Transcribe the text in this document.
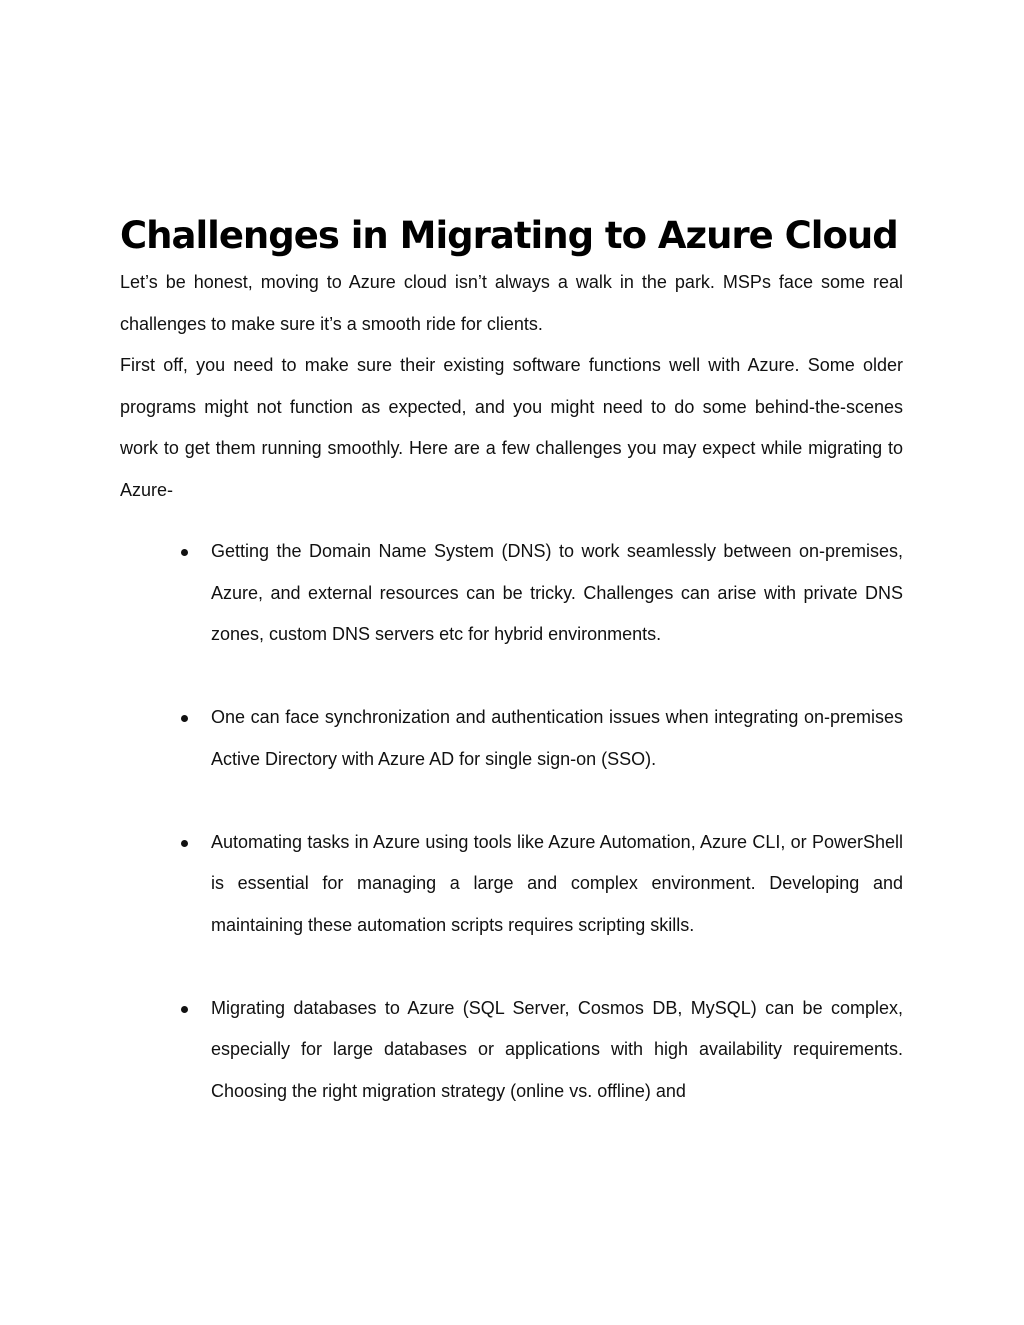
Challenges in Migrating to Azure Cloud

Let’s be honest, moving to Azure cloud isn’t always a walk in the park. MSPs face some real challenges to make sure it’s a smooth ride for clients.

First off, you need to make sure their existing software functions well with Azure. Some older programs might not function as expected, and you might need to do some behind-the-scenes work to get them running smoothly. Here are a few challenges you may expect while migrating to Azure-

Getting the Domain Name System (DNS) to work seamlessly between on-premises, Azure, and external resources can be tricky. Challenges can arise with private DNS zones, custom DNS servers etc for hybrid environments.
One can face synchronization and authentication issues when integrating on-premises Active Directory with Azure AD for single sign-on (SSO).
Automating tasks in Azure using tools like Azure Automation, Azure CLI, or PowerShell is essential for managing a large and complex environment. Developing and maintaining these automation scripts requires scripting skills.
Migrating databases to Azure (SQL Server, Cosmos DB, MySQL) can be complex, especially for large databases or applications with high availability requirements. Choosing the right migration strategy (online vs. offline) and
